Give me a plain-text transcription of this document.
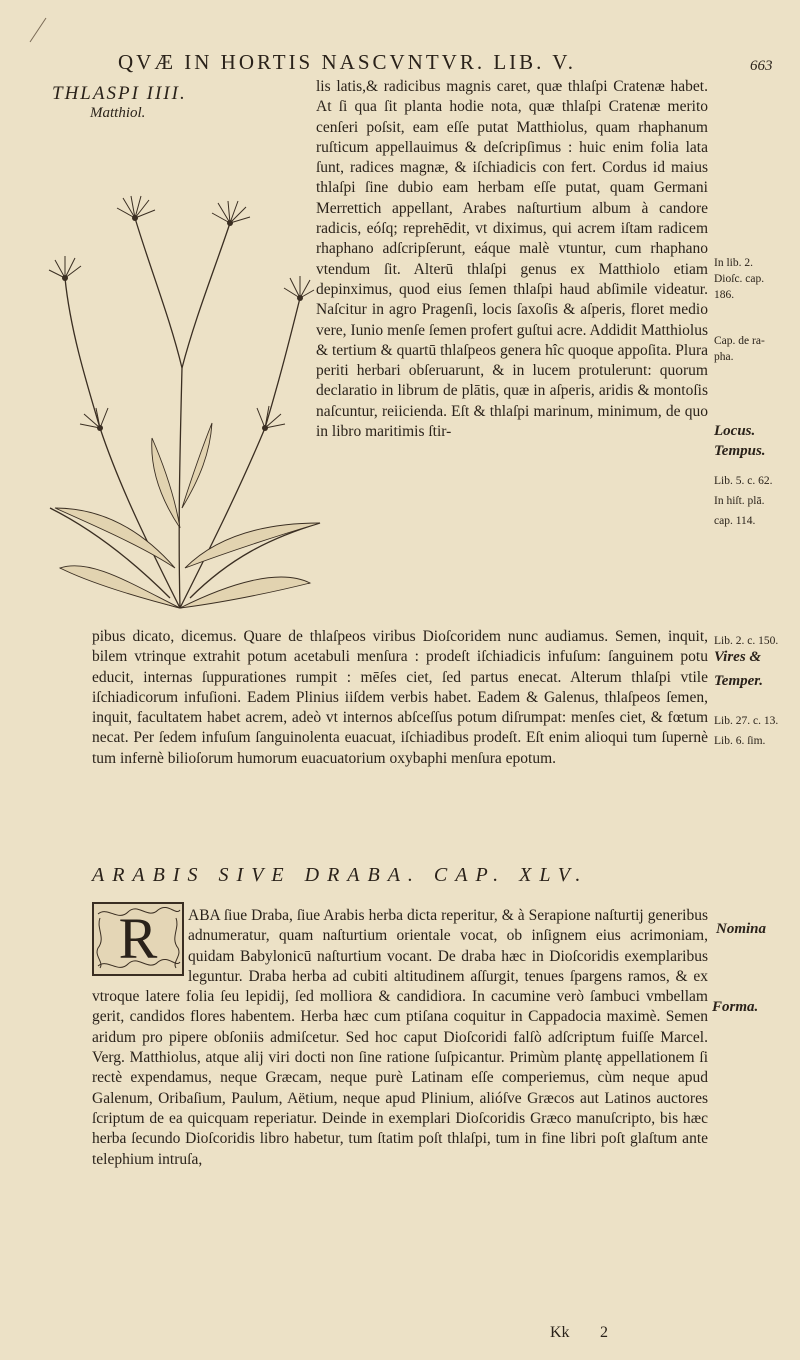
QVÆ IN HORTIS NASCVNTVR. LIB. V.	663
THLASPI IIII.
Matthiol.

lis latis,& radicibus magnis caret, quæ thlaſpi Cratenæ habet. At ſi qua ſit planta hodie nota, quæ thlaſpi Cratenæ merito cenſeri poſsit, eam eſſe putat Matthiolus, quam rhaphanum ruſticum appellauimus & deſcripſimus : huic enim folia lata ſunt, radices magnæ, & iſchiadicis con fert. Cordus id maius thlaſpi ſine dubio eam herbam eſſe putat, quam Germani Merrettich appellant, Arabes naſturtium album à candore radicis, eóſq; reprehēdit, vt diximus, qui acrem iſtam radicem rhaphano adſcripſerunt, eáque malè vtuntur, cum rhaphano vtendum ſit. Alterū thlaſpi genus ex Matthiolo etiam depinximus, quod eius ſemen thlaſpi haud abſimile videatur. Naſcitur in agro Pragenſi, locis ſaxoſis & aſperis, floret medio vere, Iunio menſe ſemen profert guſtui acre. Addidit Matthiolus & tertium & quartū thlaſpeos genera hîc quoque appoſita. Plura periti herbari obſeruarunt, & in lucem protulerunt: quorum declaratio in librum de plātis, quæ in aſperis, aridis & montoſis naſcuntur, reiicienda. Eſt & thlaſpi marinum, minimum, de quo in libro maritimis ſtir-

pibus dicato, dicemus. Quare de thlaſpeos viribus Dioſcoridem nunc audiamus. Semen, inquit, bilem vtrinque extrahit potum acetabuli menſura : prodeſt iſchiadicis infuſum: ſanguinem potu educit, internas ſuppurationes rumpit : mēſes ciet, ſed partus enecat. Alterum thlaſpi vtile iſchiadicorum infuſioni. Eadem Plinius iiſdem verbis habet. Eadem & Galenus, thlaſpeos ſemen, inquit, facultatem habet acrem, adeò vt internos abſceſſus potum diſrumpat: menſes ciet, & fœtum necat. Per ſedem infuſum ſanguinolenta euacuat, iſchiadibus prodeſt. Eſt enim alioqui tum ſupernè tum infernè bilioſorum humorum euacuatorium oxybaphi menſura epotum.

ARABIS SIVE DRABA. CAP. XLV.
R	ABA ſiue Draba, ſiue Arabis herba dicta reperitur, & à Serapione naſturtij generibus adnumeratur, quam naſturtium orientale vocat, ob inſignem eius acrimoniam, quidam Babylonicū naſturtium vocant. De draba hæc in Dioſcoridis exemplaribus leguntur. Draba herba ad cubiti altitudinem aſſurgit, tenues ſpargens ramos, & ex vtroque latere folia ſeu lepidij, ſed molliora & candidiora. In cacumine verò ſambuci vmbellam gerit, candidos flores habentem. Herba hæc cum ptiſana coquitur in Cappadocia maximè. Semen aridum pro pipere obſoniis admiſcetur. Sed hoc caput Dioſcoridi falſò adſcriptum fuiſſe Marcel. Verg. Matthiolus, atque alij viri docti non ſine ratione ſuſpicantur. Primùm plantę appellationem ſi rectè expendamus, neque Græcam, neque purè Latinam eſſe comperiemus, cùm neque apud Galenum, Oribaſium, Paulum, Aëtium, neque apud Plinium, alióſve Græcos aut Latinos auctores ſcriptum de ea quicquam reperiatur. Deinde in exemplari Dioſcoridis Græco manuſcripto, bis hæc herba ſecundo Dioſcoridis libro habetur, tum ſtatim poſt thlaſpi, tum in fine libri poſt glaſtum ante telephium intruſa,

Kk 2
In lib. 2.
Dioſc. cap.
186.
Cap. de ra-
pha.
Locus.
Tempus.
Lib. 5. c. 62.
In hiſt. plā.
cap. 114.
Lib. 2. c. 150.
Vires &
Temper.
Lib. 27. c. 13.
Lib. 6. ſim.
Nomina
Forma.
